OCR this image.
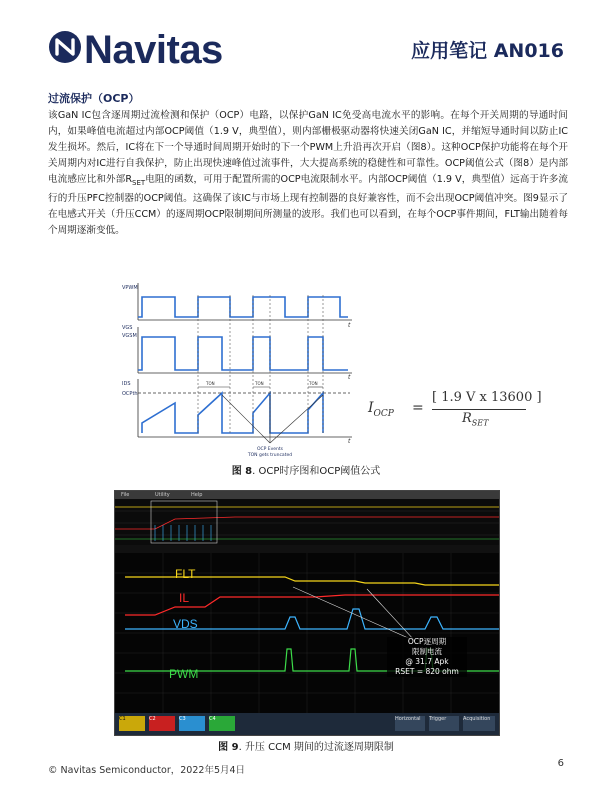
Navitas	应用笔记 AN016
过流保护（OCP）
该GaN IC包含逐周期过流检测和保护（OCP）电路，以保护GaN IC免受高电流水平的影响。在每个开关周期的导通时间内，如果峰值电流超过内部OCP阈值（1.9 V，典型值），则内部栅极驱动器将快速关闭GaN IC，并缩短导通时间以防止IC发生损坏。然后，IC将在下一个导通时间周期开始时的下一个PWM上升沿再次开启（图8）。这种OCP保护功能将在每个开关周期内对IC进行自我保护，防止出现快速峰值过流事件，大大提高系统的稳健性和可靠性。OCP阈值公式（图8）是内部电流感应比和外部$R_{SET}$电阻的函数，可用于配置所需的OCP电流限制水平。内部OCP阈值（1.9 V，典型值）远高于许多流行的升压PFC控制器的OCP阈值。这确保了该IC与市场上现有控制器的良好兼容性，而不会出现OCP阈值冲突。图9显示了在电感式开关（升压CCM）的逐周期OCP限制期间所测量的波形。我们也可以看到，在每个OCP事件期间，FLT输出随着每个周期逐渐变低。
VPWM
VGS
VGSM
IDS
OCPth
t
t
t
TON	TON	TON
OCP Events
TON gets truncated
$I_{OCP}$ =
[ 1.9 V x 13600 ]
$R_{SET}$
图 8. OCP时序图和OCP阈值公式
File	Utility	Help
FLT
IL
VDS
PWM
OCP逐周期
限制电流
@ 31.7 Apk
RSET = 820 ohm
C1	C2	C3	C4	Horizontal	Trigger	Acquisition
图 9. 升压 CCM 期间的过流逐周期限制
© Navitas Semiconductor，2022年5月4日
6
